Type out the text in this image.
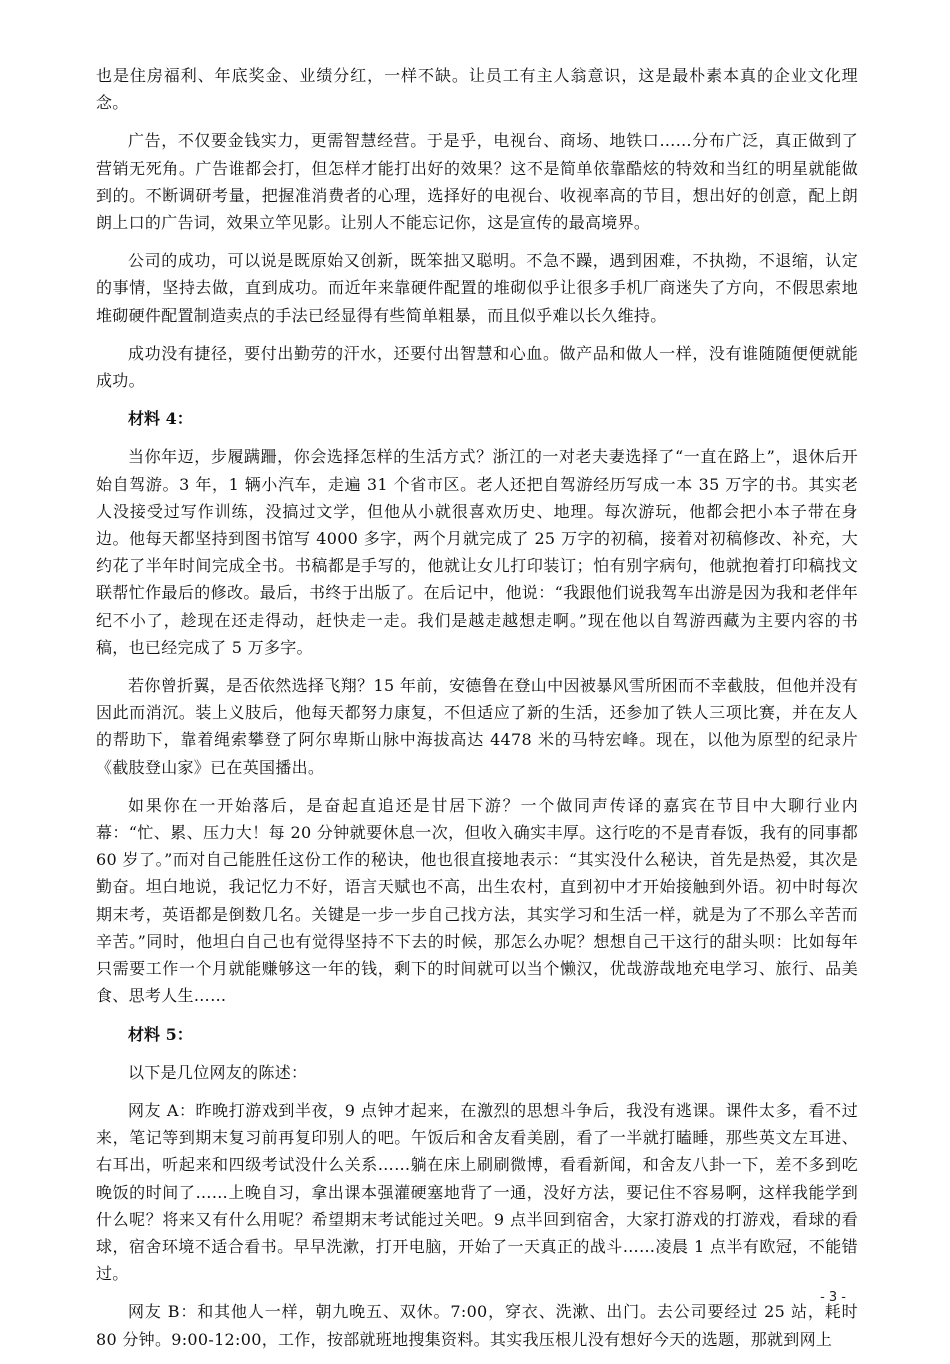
也是住房福利、年底奖金、业绩分红，一样不缺。让员工有主人翁意识，这是最朴素本真的企业文化理念。

广告，不仅要金钱实力，更需智慧经营。于是乎，电视台、商场、地铁口……分布广泛，真正做到了营销无死角。广告谁都会打，但怎样才能打出好的效果？这不是简单依靠酷炫的特效和当红的明星就能做到的。不断调研考量，把握准消费者的心理，选择好的电视台、收视率高的节目，想出好的创意，配上朗朗上口的广告词，效果立竿见影。让别人不能忘记你，这是宣传的最高境界。

公司的成功，可以说是既原始又创新，既笨拙又聪明。不急不躁，遇到困难，不执拗，不退缩，认定的事情，坚持去做，直到成功。而近年来靠硬件配置的堆砌似乎让很多手机厂商迷失了方向，不假思索地堆砌硬件配置制造卖点的手法已经显得有些简单粗暴，而且似乎难以长久维持。

成功没有捷径，要付出勤劳的汗水，还要付出智慧和心血。做产品和做人一样，没有谁随随便便就能成功。

材料 4：

当你年迈，步履蹒跚，你会选择怎样的生活方式？浙江的一对老夫妻选择了“一直在路上”，退休后开始自驾游。3 年，1 辆小汽车，走遍 31 个省市区。老人还把自驾游经历写成一本 35 万字的书。其实老人没接受过写作训练，没搞过文学，但他从小就很喜欢历史、地理。每次游玩，他都会把小本子带在身边。他每天都坚持到图书馆写 4000 多字，两个月就完成了 25 万字的初稿，接着对初稿修改、补充，大约花了半年时间完成全书。书稿都是手写的，他就让女儿打印装订；怕有别字病句，他就抱着打印稿找文联帮忙作最后的修改。最后，书终于出版了。在后记中，他说：“我跟他们说我驾车出游是因为我和老伴年纪不小了，趁现在还走得动，赶快走一走。我们是越走越想走啊。”现在他以自驾游西藏为主要内容的书稿，也已经完成了 5 万多字。

若你曾折翼，是否依然选择飞翔？15 年前，安德鲁在登山中因被暴风雪所困而不幸截肢，但他并没有因此而消沉。装上义肢后，他每天都努力康复，不但适应了新的生活，还参加了铁人三项比赛，并在友人的帮助下，靠着绳索攀登了阿尔卑斯山脉中海拔高达 4478 米的马特宏峰。现在，以他为原型的纪录片《截肢登山家》已在英国播出。

如果你在一开始落后，是奋起直追还是甘居下游？一个做同声传译的嘉宾在节目中大聊行业内幕：“忙、累、压力大！每 20 分钟就要休息一次，但收入确实丰厚。这行吃的不是青春饭，我有的同事都 60 岁了。”而对自己能胜任这份工作的秘诀，他也很直接地表示：“其实没什么秘诀，首先是热爱，其次是勤奋。坦白地说，我记忆力不好，语言天赋也不高，出生农村，直到初中才开始接触到外语。初中时每次期末考，英语都是倒数几名。关键是一步一步自己找方法，其实学习和生活一样，就是为了不那么辛苦而辛苦。”同时，他坦白自己也有觉得坚持不下去的时候，那怎么办呢？想想自己干这行的甜头呗：比如每年只需要工作一个月就能赚够这一年的钱，剩下的时间就可以当个懒汉，优哉游哉地充电学习、旅行、品美食、思考人生……

材料 5：

以下是几位网友的陈述：

网友 A：昨晚打游戏到半夜，9 点钟才起来，在激烈的思想斗争后，我没有逃课。课件太多，看不过来，笔记等到期末复习前再复印别人的吧。午饭后和舍友看美剧，看了一半就打瞌睡，那些英文左耳进、右耳出，听起来和四级考试没什么关系……躺在床上刷刷微博，看看新闻，和舍友八卦一下，差不多到吃晚饭的时间了……上晚自习，拿出课本强灌硬塞地背了一通，没好方法，要记住不容易啊，这样我能学到什么呢？将来又有什么用呢？希望期末考试能过关吧。9 点半回到宿舍，大家打游戏的打游戏，看球的看球，宿舍环境不适合看书。早早洗漱，打开电脑，开始了一天真正的战斗……凌晨 1 点半有欧冠，不能错过。

网友 B：和其他人一样，朝九晚五、双休。7:00，穿衣、洗漱、出门。去公司要经过 25 站，耗时 80 分钟。9:00-12:00，工作，按部就班地搜集资料。其实我压根儿没有想好今天的选题，那就到网上

- 3 -
